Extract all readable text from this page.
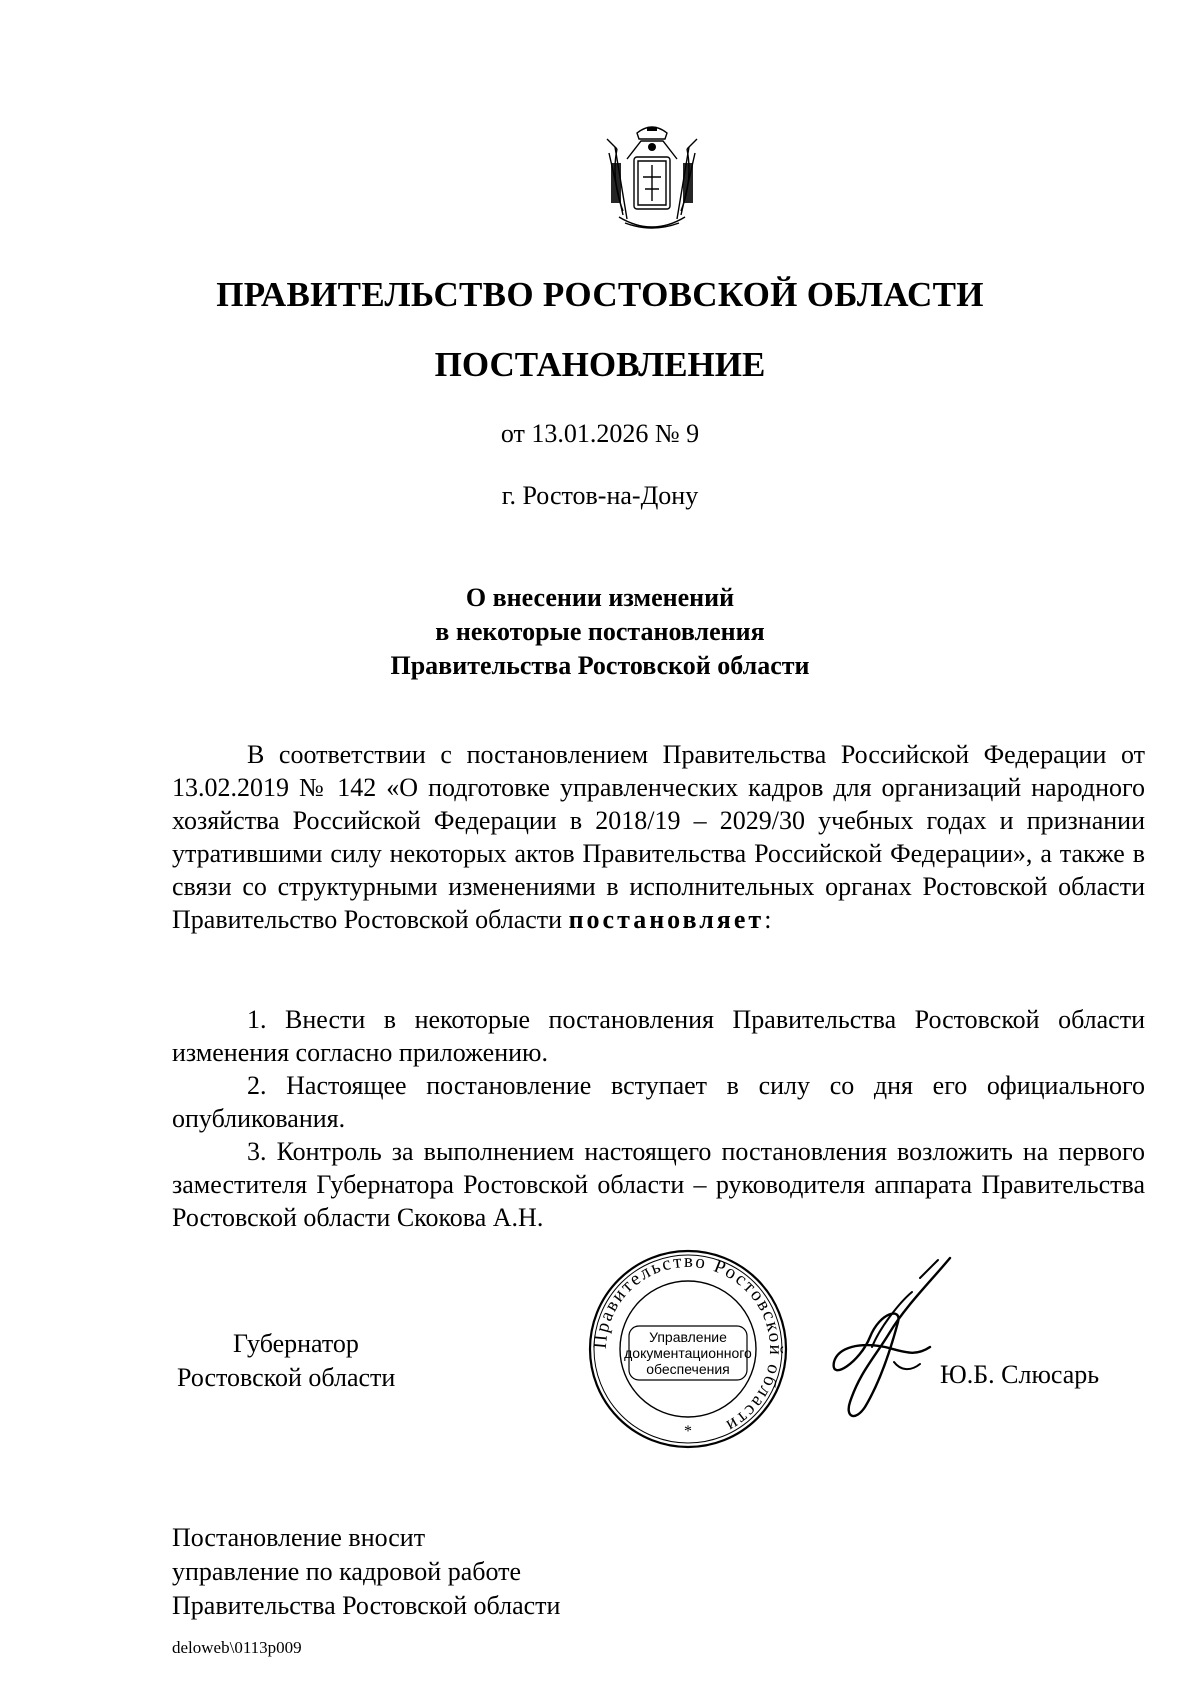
ПРАВИТЕЛЬСТВО РОСТОВСКОЙ ОБЛАСТИ
ПОСТАНОВЛЕНИЕ
от 13.01.2026 № 9
г. Ростов-на-Дону
О внесении изменений
в некоторые постановления
Правительства Ростовской области
В соответствии с постановлением Правительства Российской Федерации от 13.02.2019 № 142 «О подготовке управленческих кадров для организаций народного хозяйства Российской Федерации в 2018/19 – 2029/30 учебных годах и признании утратившими силу некоторых актов Правительства Российской Федерации», а также в связи со структурными изменениями в исполнительных органах Ростовской области Правительство Ростовской области постановляет:
1. Внести в некоторые постановления Правительства Ростовской области изменения согласно приложению.
2. Настоящее постановление вступает в силу со дня его официального опубликования.
3. Контроль за выполнением настоящего постановления возложить на первого заместителя Губернатора Ростовской области – руководителя аппарата Правительства Ростовской области Скокова А.Н.
Губернатор
Ростовской области
Правительство Ростовской области
Управление
документационного
обеспечения
*
Ю.Б. Слюсарь
Постановление вносит
управление по кадровой работе
Правительства Ростовской области
deloweb\0113p009
